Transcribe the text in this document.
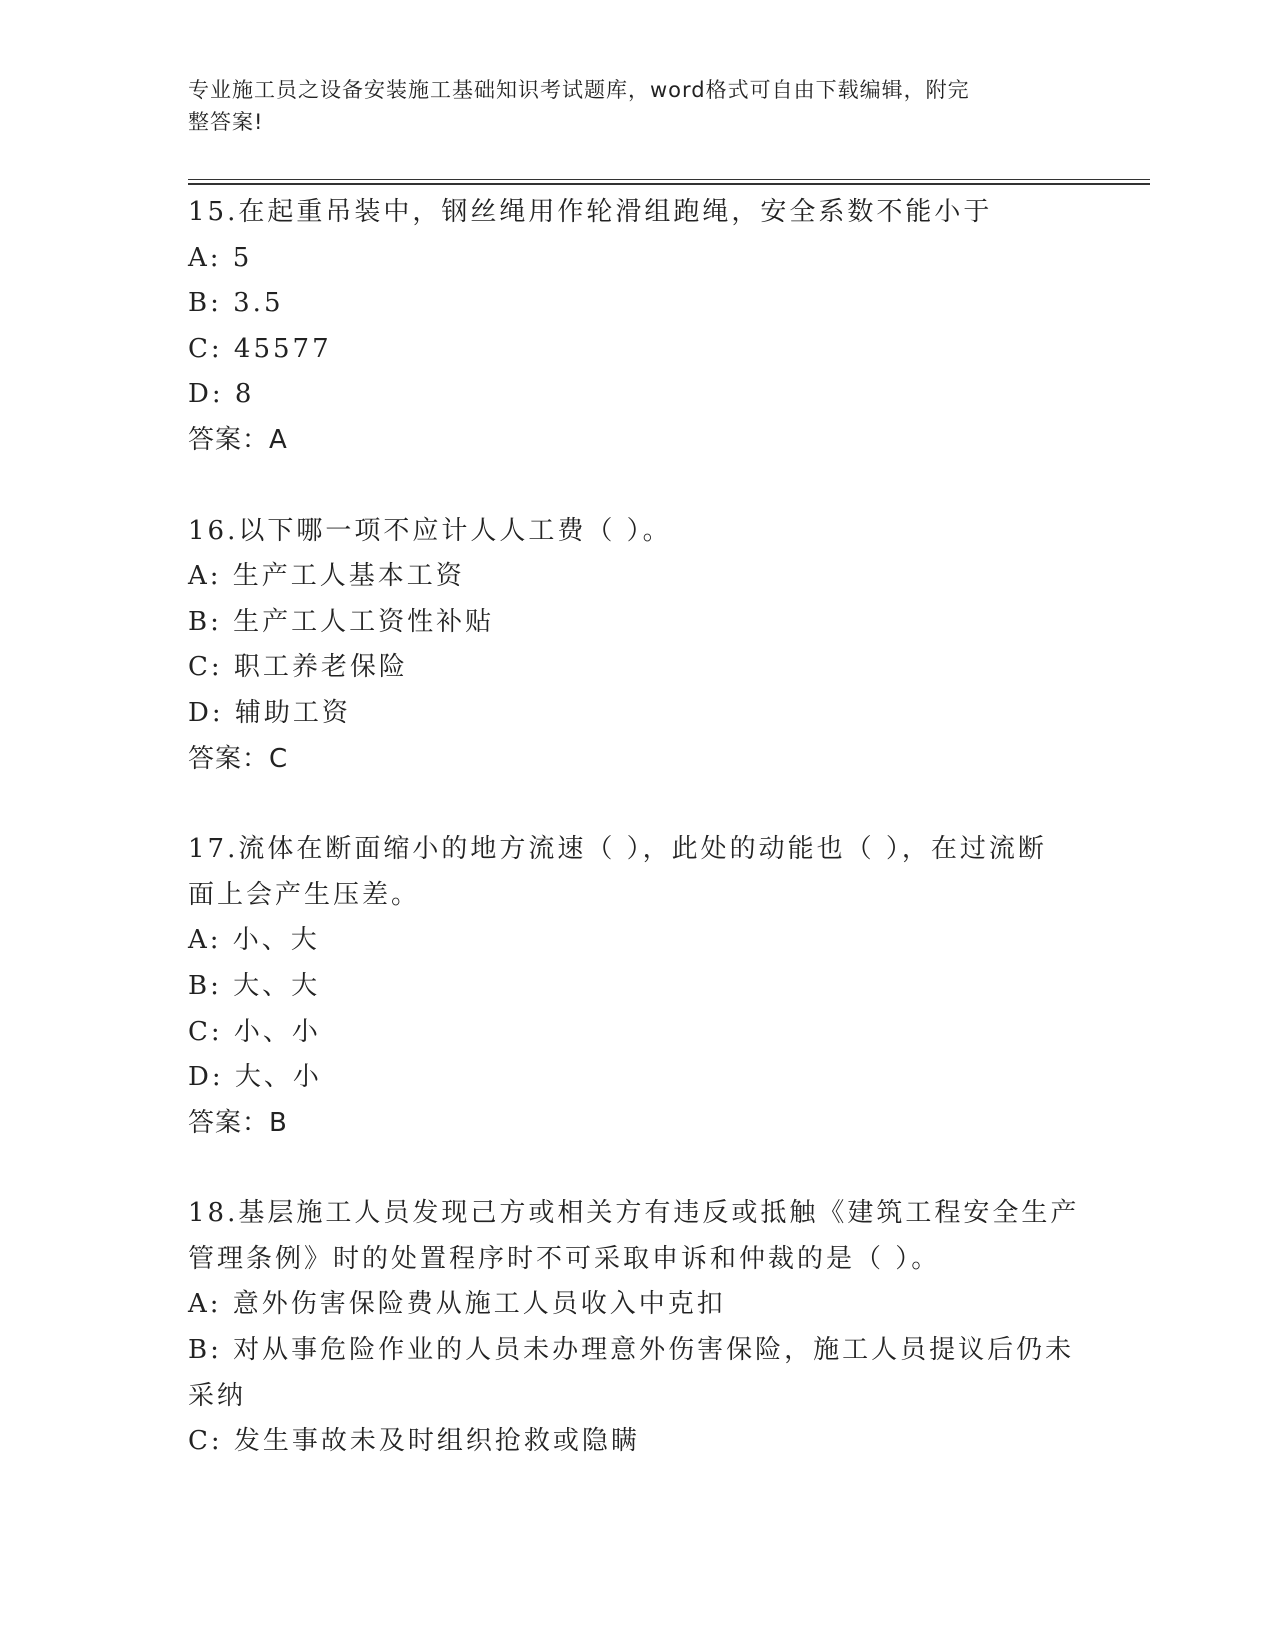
专业施工员之设备安装施工基础知识考试题库，word格式可自由下载编辑，附完
整答案!

15.在起重吊装中，钢丝绳用作轮滑组跑绳，安全系数不能小于

A: 5

B: 3.5

C: 45577

D: 8

答案：A

16.以下哪一项不应计人人工费（ ）。

A: 生产工人基本工资

B: 生产工人工资性补贴

C: 职工养老保险

D: 辅助工资

答案：C

17.流体在断面缩小的地方流速（ ），此处的动能也（ ），在过流断

面上会产生压差。

A: 小、大

B: 大、大

C: 小、小

D: 大、小

答案：B

18.基层施工人员发现己方或相关方有违反或抵触《建筑工程安全生产

管理条例》时的处置程序时不可采取申诉和仲裁的是（ ）。

A: 意外伤害保险费从施工人员收入中克扣

B: 对从事危险作业的人员未办理意外伤害保险，施工人员提议后仍未

采纳

C: 发生事故未及时组织抢救或隐瞒
